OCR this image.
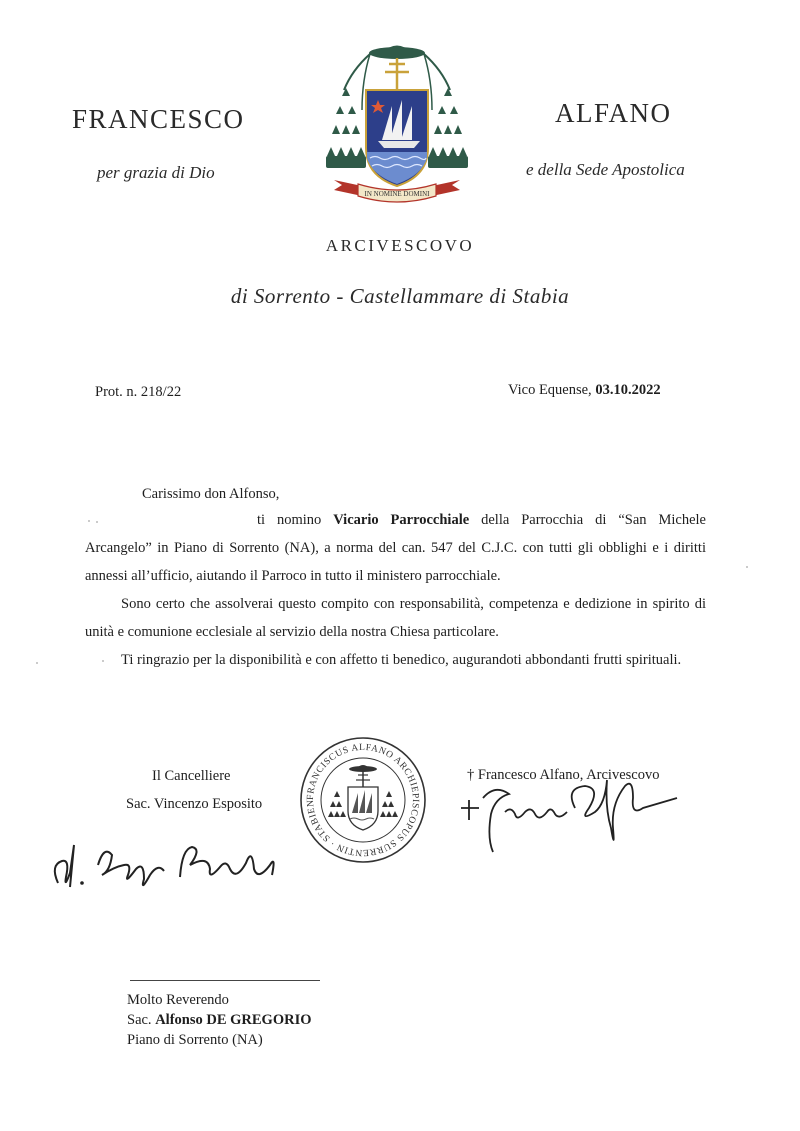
FRANCESCO
per grazia di Dio
ALFANO
e della Sede Apostolica
IN NOMINE DOMINI
ARCIVESCOVO
di Sorrento - Castellammare di Stabia
Prot. n. 218/22	Vico Equense, 03.10.2022
Carissimo don Alfonso,

ti nomino Vicario Parrocchiale della Parrocchia di “San Michele Arcangelo” in Piano di Sorrento (NA), a norma del can. 547 del C.J.C. con tutti gli obblighi e i diritti annessi all’ufficio, aiutando il Parroco in tutto il ministero parrocchiale.

Sono certo che assolverai questo compito con responsabilità, competenza e dedizione in spirito di unità e comunione ecclesiale al servizio della nostra Chiesa particolare.

Ti ringrazio per la disponibilità e con affetto ti benedico, augurandoti abbondanti frutti spirituali.

Il Cancelliere
Sac. Vincenzo Esposito	FRANCISCUS ALFANO ARCHIEPISCOPUS SURRENTIN · STABIEN
† Francesco Alfano, Arcivescovo
Molto Reverendo
Sac. Alfonso DE GREGORIO
Piano di Sorrento (NA)
